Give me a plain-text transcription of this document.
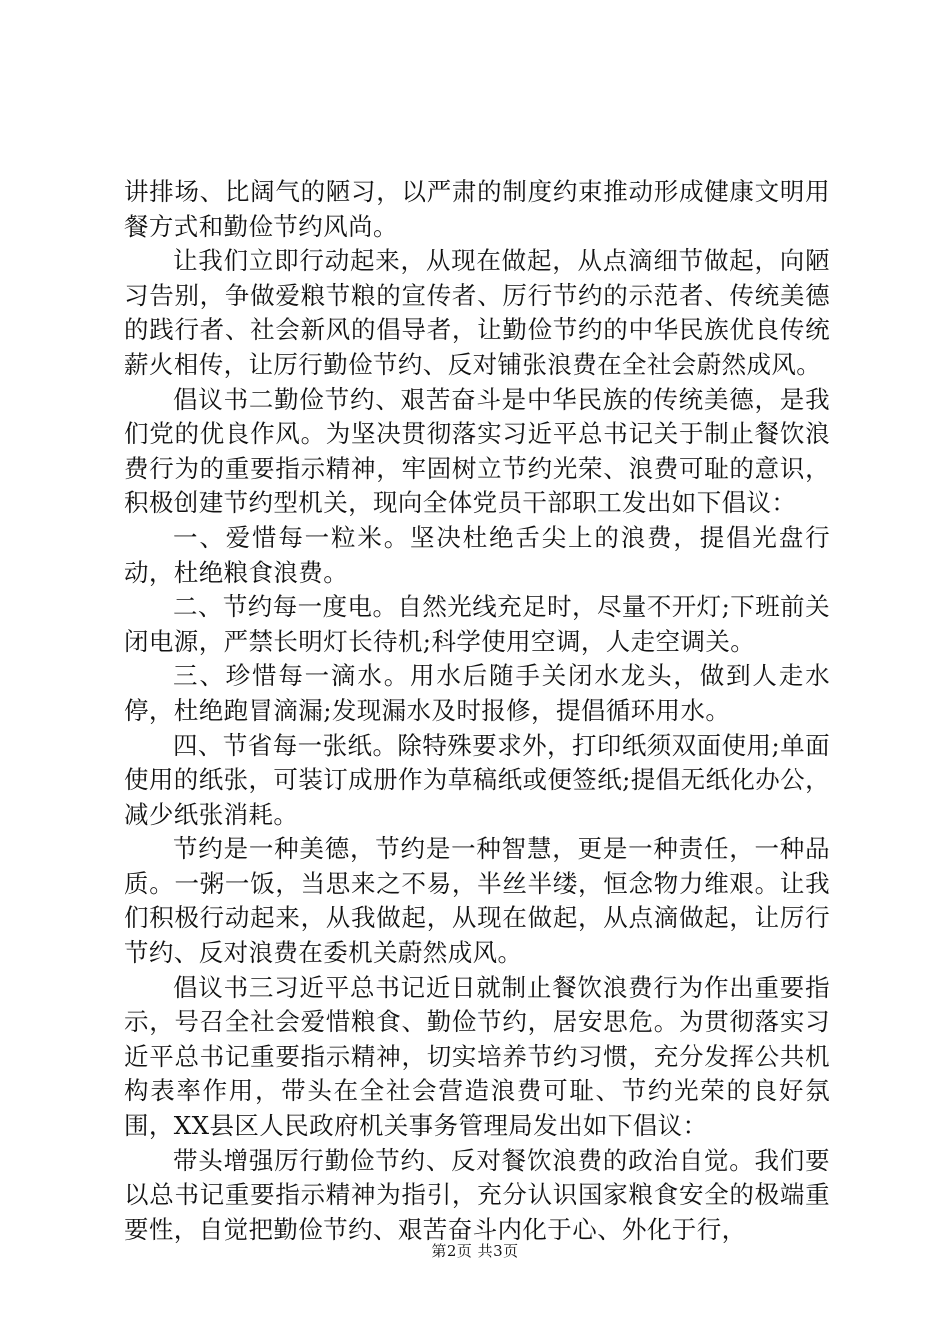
讲排场、比阔气的陋习，以严肃的制度约束推动形成健康文明用餐方式和勤俭节约风尚。

让我们立即行动起来，从现在做起，从点滴细节做起，向陋习告别，争做爱粮节粮的宣传者、厉行节约的示范者、传统美德的践行者、社会新风的倡导者，让勤俭节约的中华民族优良传统薪火相传，让厉行勤俭节约、反对铺张浪费在全社会蔚然成风。

倡议书二勤俭节约、艰苦奋斗是中华民族的传统美德，是我们党的优良作风。为坚决贯彻落实习近平总书记关于制止餐饮浪费行为的重要指示精神，牢固树立节约光荣、浪费可耻的意识，积极创建节约型机关，现向全体党员干部职工发出如下倡议：

一、爱惜每一粒米。坚决杜绝舌尖上的浪费，提倡光盘行动，杜绝粮食浪费。

二、节约每一度电。自然光线充足时，尽量不开灯;下班前关闭电源，严禁长明灯长待机;科学使用空调，人走空调关。

三、珍惜每一滴水。用水后随手关闭水龙头，做到人走水停，杜绝跑冒滴漏;发现漏水及时报修，提倡循环用水。

四、节省每一张纸。除特殊要求外，打印纸须双面使用;单面使用的纸张，可装订成册作为草稿纸或便签纸;提倡无纸化办公，减少纸张消耗。

节约是一种美德，节约是一种智慧，更是一种责任，一种品质。一粥一饭，当思来之不易，半丝半缕，恒念物力维艰。让我们积极行动起来，从我做起，从现在做起，从点滴做起，让厉行节约、反对浪费在委机关蔚然成风。

倡议书三习近平总书记近日就制止餐饮浪费行为作出重要指示，号召全社会爱惜粮食、勤俭节约，居安思危。为贯彻落实习近平总书记重要指示精神，切实培养节约习惯，充分发挥公共机构表率作用，带头在全社会营造浪费可耻、节约光荣的良好氛围，XX县区人民政府机关事务管理局发出如下倡议：

带头增强厉行勤俭节约、反对餐饮浪费的政治自觉。我们要以总书记重要指示精神为指引，充分认识国家粮食安全的极端重要性，自觉把勤俭节约、艰苦奋斗内化于心、外化于行，

第2页 共3页
